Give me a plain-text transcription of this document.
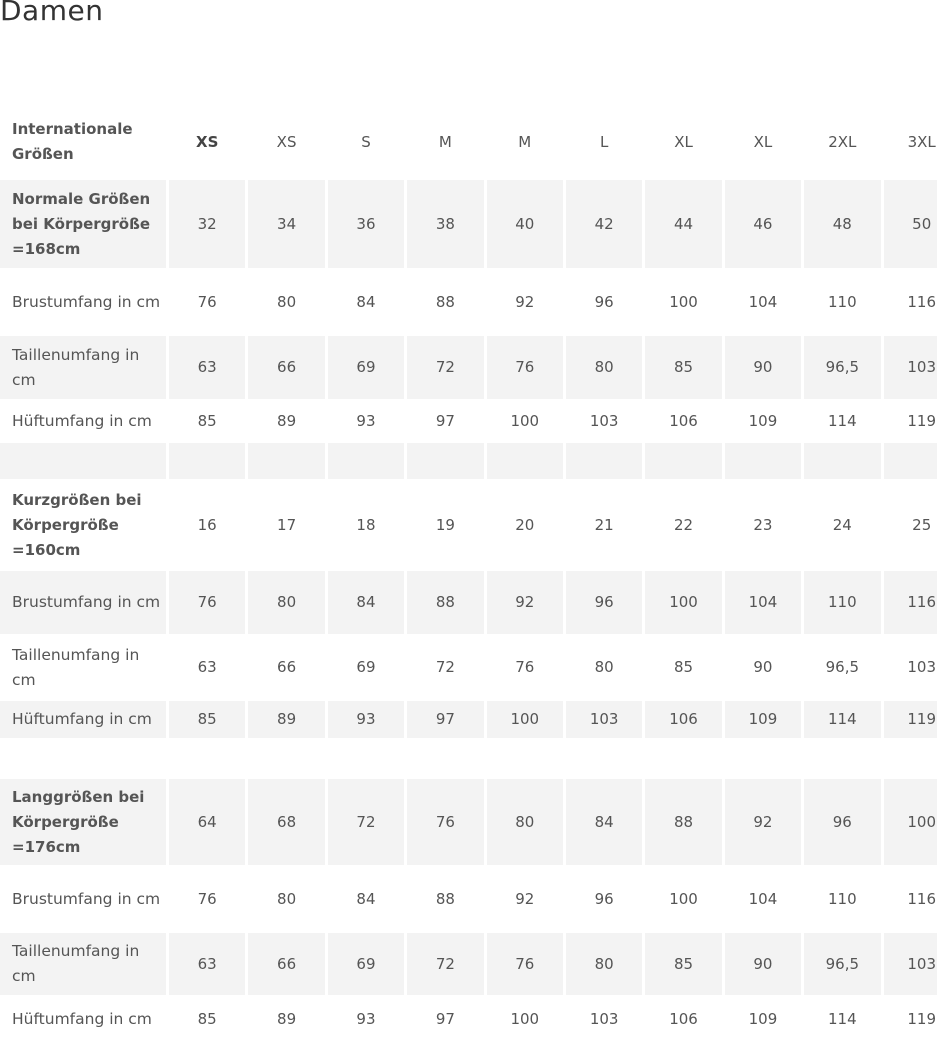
Damen
Internationale Größen	XS	XS	S	M	M	L	XL	XL	2XL	3XL
Normale Größen bei Körpergröße =168cm	32	34	36	38	40	42	44	46	48	50
Brustumfang in cm	76	80	84	88	92	96	100	104	110	116
Taillenumfang in cm	63	66	69	72	76	80	85	90	96,5	103
Hüftumfang in cm	85	89	93	97	100	103	106	109	114	119

Kurzgrößen bei Körpergröße =160cm	16	17	18	19	20	21	22	23	24	25
Brustumfang in cm	76	80	84	88	92	96	100	104	110	116
Taillenumfang in cm	63	66	69	72	76	80	85	90	96,5	103
Hüftumfang in cm	85	89	93	97	100	103	106	109	114	119

Langgrößen bei Körpergröße =176cm	64	68	72	76	80	84	88	92	96	100
Brustumfang in cm	76	80	84	88	92	96	100	104	110	116
Taillenumfang in cm	63	66	69	72	76	80	85	90	96,5	103
Hüftumfang in cm	85	89	93	97	100	103	106	109	114	119
